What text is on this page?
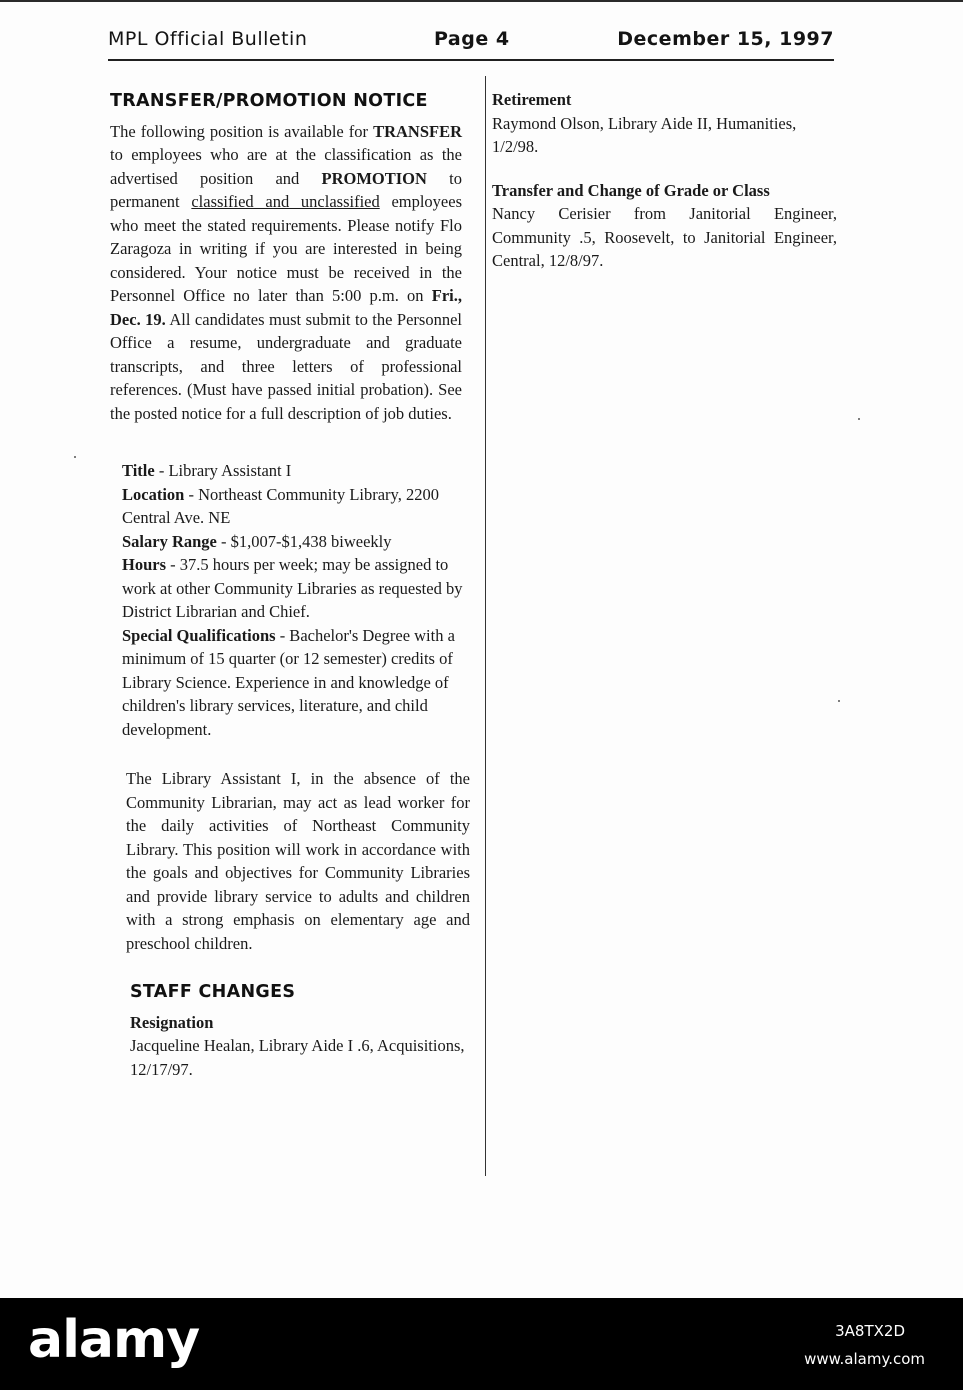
MPL Official Bulletin	Page 4	December 15, 1997
TRANSFER/PROMOTION NOTICE

The following position is available for TRANSFER to employees who are at the classification as the advertised position and PROMOTION to permanent classified and unclassified employees who meet the stated requirements. Please notify Flo Zaragoza in writing if you are interested in being considered. Your notice must be received in the Personnel Office no later than 5:00 p.m. on Fri., Dec. 19. All candidates must submit to the Personnel Office a resume, undergraduate and graduate transcripts, and three letters of professional references. (Must have passed initial probation). See the posted notice for a full description of job duties.

Title - Library Assistant I

Location - Northeast Community Library, 2200 Central Ave. NE

Salary Range - $1,007-$1,438 biweekly

Hours - 37.5 hours per week; may be assigned to work at other Community Libraries as requested by District Librarian and Chief.

Special Qualifications - Bachelor's Degree with a minimum of 15 quarter (or 12 semester) credits of Library Science. Experience in and knowledge of children's library services, literature, and child development.

The Library Assistant I, in the absence of the Community Librarian, may act as lead worker for the daily activities of Northeast Community Library. This position will work in accordance with the goals and objectives for Community Libraries and provide library service to adults and children with a strong emphasis on elementary age and preschool children.

STAFF CHANGES

Resignation

Jacqueline Healan, Library Aide I .6, Acquisitions, 12/17/97.

Retirement

Raymond Olson, Library Aide II, Humanities, 1/2/98.

Transfer and Change of Grade or Class

Nancy Cerisier from Janitorial Engineer, Community .5, Roosevelt, to Janitorial Engineer, Central, 12/8/97.

alamy	3A8TX2D
www.alamy.com
